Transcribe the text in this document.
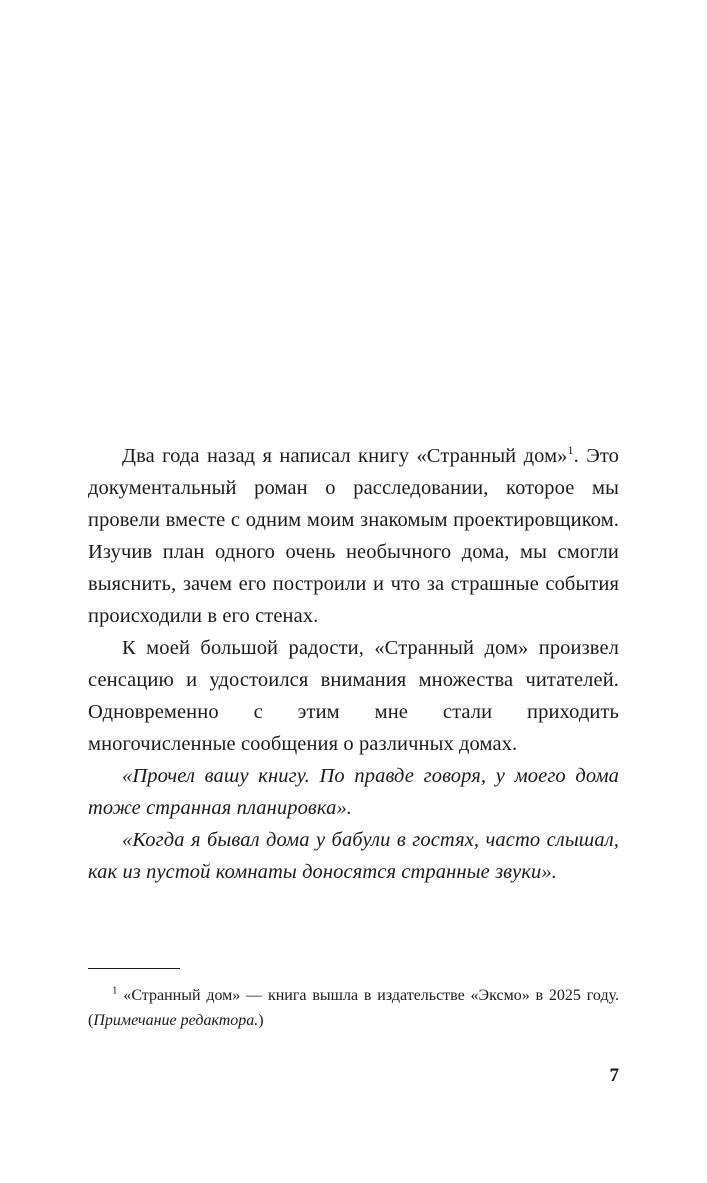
Два года назад я написал книгу «Странный дом»$^1$. Это документальный роман о расследовании, которое мы провели вместе с одним моим знакомым проектировщиком. Изучив план одного очень необычного дома, мы смогли выяснить, зачем его построили и что за страшные события происходили в его стенах.

К моей большой радости, «Странный дом» произвел сенсацию и удостоился внимания множества читателей. Одновременно с этим мне стали приходить многочисленные сообщения о различных домах.

«Прочел вашу книгу. По правде говоря, у моего дома тоже странная планировка».

«Когда я бывал дома у бабули в гостях, часто слышал, как из пустой комнаты доносятся странные звуки».

$^1$ «Странный дом» — книга вышла в издательстве «Эксмо» в 2025 году. (Примечание редактора.)

7
